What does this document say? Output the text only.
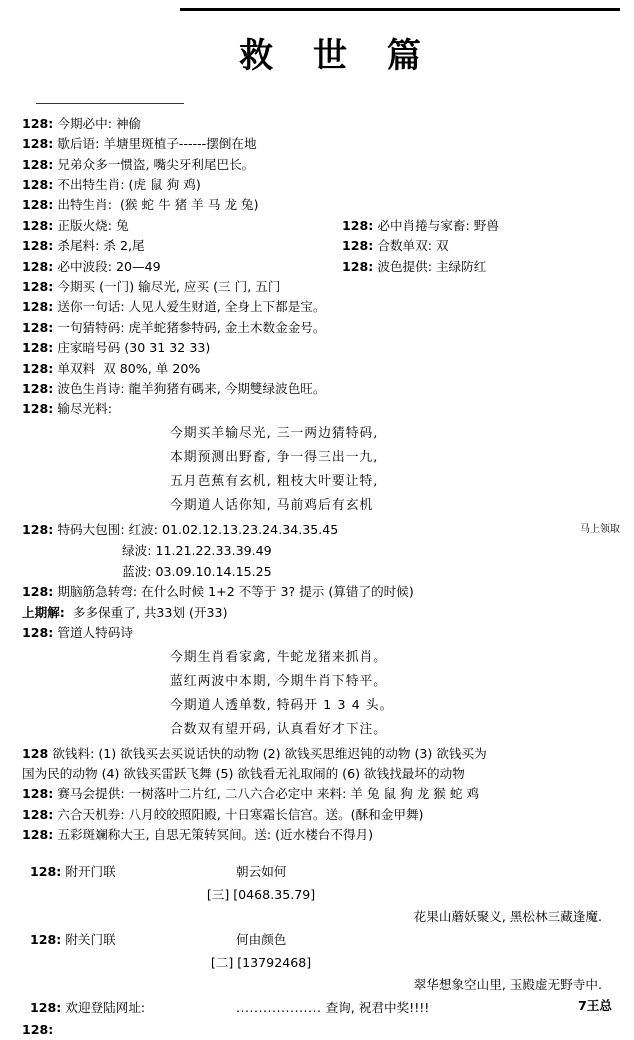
救 世 篇
128: 今期必中: 神偷
128: 歇后语: 羊塘里斑植子------摆倒在地
128: 兄弟众多一惯盗, 嘴尖牙利尾巴长。
128: 不出特生肖: (虎 鼠 狗 鸡)
128: 出特生肖:  (猴 蛇 牛 猪 羊 马 龙 兔)
128: 正版火烧: 兔	128: 必中肖捲与家畜: 野兽
128: 杀尾料: 杀 2,尾	128: 合数单双: 双
128: 必中波段: 20—49	128: 波色提供: 主绿防红
128: 今期买 (一门) 输尽光, 应买 (三 门, 五门
128: 送你一句话: 人见人爱生财道, 全身上下都是宝。
128: 一句猜特码: 虎羊蛇猪参特码, 金土木数金金号。
128: 庄家暗号码 (30 31 32 33)
128: 单双料  双 80%, 单 20%
128: 波色生肖诗: 龍羊狗猪有碼来, 今期雙绿波色旺。
128: 输尽光料:
今期买羊输尽光, 三一两边猜特码,
本期预测出野畜, 争一得三出一九,
五月芭蕉有玄机, 粗枝大叶要让特,
今期道人话你知, 马前鸡后有玄机
128: 特码大包围: 红波: 01.02.12.13.23.24.34.35.45	马上领取
绿波: 11.21.22.33.39.49
蓝波: 03.09.10.14.15.25
128: 期脑筋急转弯: 在什么时候 1+2 不等于 3? 提示 (算错了的时候)
上期解:  多多保重了, 共33划 (开33)
128: 管道人特码诗
今期生肖看家禽, 牛蛇龙猪来抓肖。
蓝红两波中本期, 今期牛肖下特平。
今期道人透单数, 特码开 1 3 4 头。
合数双有望开码, 认真看好才下注。
128 欲钱料: (1) 欲钱买去买说话快的动物 (2) 欲钱买思维迟钝的动物 (3) 欲钱买为
国为民的动物 (4) 欲钱买雷跃飞舞 (5) 欲钱看无礼取闹的 (6) 欲钱找最坏的动物
128: 赛马会提供: 一树落叶二片红, 二八六合必定中 来料: 羊 兔 鼠 狗 龙 猴 蛇 鸡
128: 六合天机券: 八月皎皎照阳殿, 十日寒霜长信宫。送。(酥和金甲舞)
128: 五彩斑斓称大王, 自思无策转冥间。送: (近水楼台不得月)
128: 附开门联	朝云如何
[三] [0468.35.79]
花果山蘑妖聚义, 黑松林三藏逢魔.
128: 附关门联	何由颜色
[二] [13792468]
翠华想象空山里, 玉殿虚无野寺中.
128: 欢迎登陆网址:	................... 查询, 祝君中奖!!!!
128:
7王总
